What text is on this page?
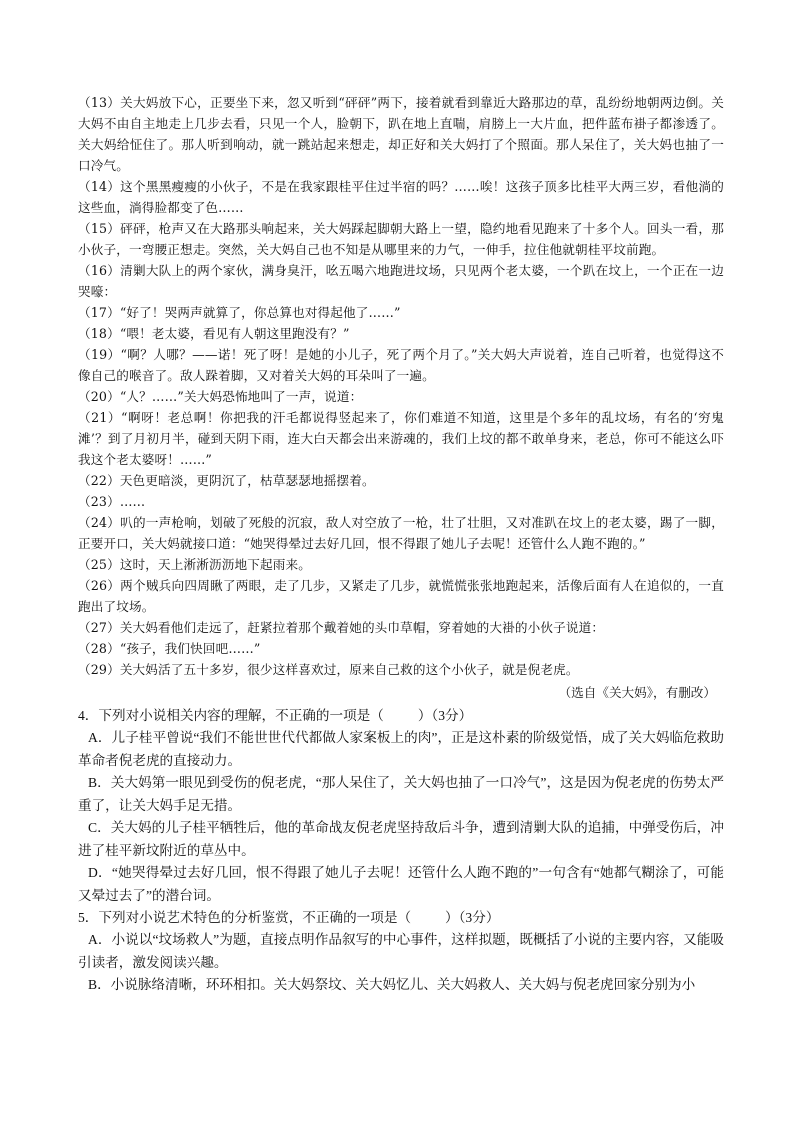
（13）关大妈放下心，正要坐下来，忽又听到“砰砰”两下，接着就看到靠近大路那边的草，乱纷纷地朝两边倒。关大妈不由自主地走上几步去看，只见一个人，脸朝下，趴在地上直喘，肩膀上一大片血，把件蓝布褂子都渗透了。关大妈给怔住了。那人听到响动，就一跳站起来想走，却正好和关大妈打了个照面。那人呆住了，关大妈也抽了一口冷气。

（14）这个黑黑瘦瘦的小伙子，不是在我家跟桂平住过半宿的吗？……唉！这孩子顶多比桂平大两三岁，看他淌的这些血，淌得脸都变了色……

（15）砰砰，枪声又在大路那头响起来，关大妈踩起脚朝大路上一望，隐约地看见跑来了十多个人。回头一看，那小伙子，一弯腰正想走。突然，关大妈自己也不知是从哪里来的力气，一伸手，拉住他就朝桂平坟前跑。

（16）清剿大队上的两个家伙，满身臭汗，吆五喝六地跑进坟场，只见两个老太婆，一个趴在坟上，一个正在一边哭嚎：

（17）“好了！哭两声就算了，你总算也对得起他了……”

（18）“喂！老太婆，看见有人朝这里跑没有？”

（19）“啊？人哪？——诺！死了呀！是她的小儿子，死了两个月了。”关大妈大声说着，连自己听着，也觉得这不像自己的喉音了。敌人跺着脚，又对着关大妈的耳朵叫了一遍。

（20）“人？……”关大妈恐怖地叫了一声，说道：

（21）“啊呀！老总啊！你把我的汗毛都说得竖起来了，你们难道不知道，这里是个多年的乱坟场，有名的‘穷鬼滩’？到了月初月半，碰到天阴下雨，连大白天都会出来游魂的，我们上坟的都不敢单身来，老总，你可不能这么吓我这个老太婆呀！……”

（22）天色更暗淡，更阴沉了，枯草瑟瑟地摇摆着。

（23）……

（24）叭的一声枪响，划破了死般的沉寂，敌人对空放了一枪，壮了壮胆，又对准趴在坟上的老太婆，踢了一脚，正要开口，关大妈就接口道：“她哭得晕过去好几回，恨不得跟了她儿子去呢！还管什么人跑不跑的。”

（25）这时，天上淅淅沥沥地下起雨来。

（26）两个贼兵向四周瞅了两眼，走了几步，又紧走了几步，就慌慌张张地跑起来，活像后面有人在追似的，一直跑出了坟场。

（27）关大妈看他们走远了，赶紧拉着那个戴着她的头巾草帽，穿着她的大褂的小伙子说道：

（28）“孩子，我们快回吧……”

（29）关大妈活了五十多岁，很少这样喜欢过，原来自己救的这个小伙子，就是倪老虎。

（选自《关大妈》，有删改）

4．下列对小说相关内容的理解，不正确的一项是（	）（3分）

A．儿子桂平曾说“我们不能世世代代都做人家案板上的肉”，正是这朴素的阶级觉悟，成了关大妈临危救助革命者倪老虎的直接动力。

B．关大妈第一眼见到受伤的倪老虎，“那人呆住了，关大妈也抽了一口冷气”，这是因为倪老虎的伤势太严重了，让关大妈手足无措。

C．关大妈的儿子桂平牺牲后，他的革命战友倪老虎坚持敌后斗争，遭到清剿大队的追捕，中弹受伤后，冲进了桂平新坟附近的草丛中。

D．“她哭得晕过去好几回，恨不得跟了她儿子去呢！还管什么人跑不跑的”一句含有“她都气糊涂了，可能又晕过去了”的潜台词。

5．下列对小说艺术特色的分析鉴赏，不正确的一项是（	）（3分）

A．小说以“坟场救人”为题，直接点明作品叙写的中心事件，这样拟题，既概括了小说的主要内容，又能吸引读者，激发阅读兴趣。

B．小说脉络清晰，环环相扣。关大妈祭坟、关大妈忆儿、关大妈救人、关大妈与倪老虎回家分别为小
